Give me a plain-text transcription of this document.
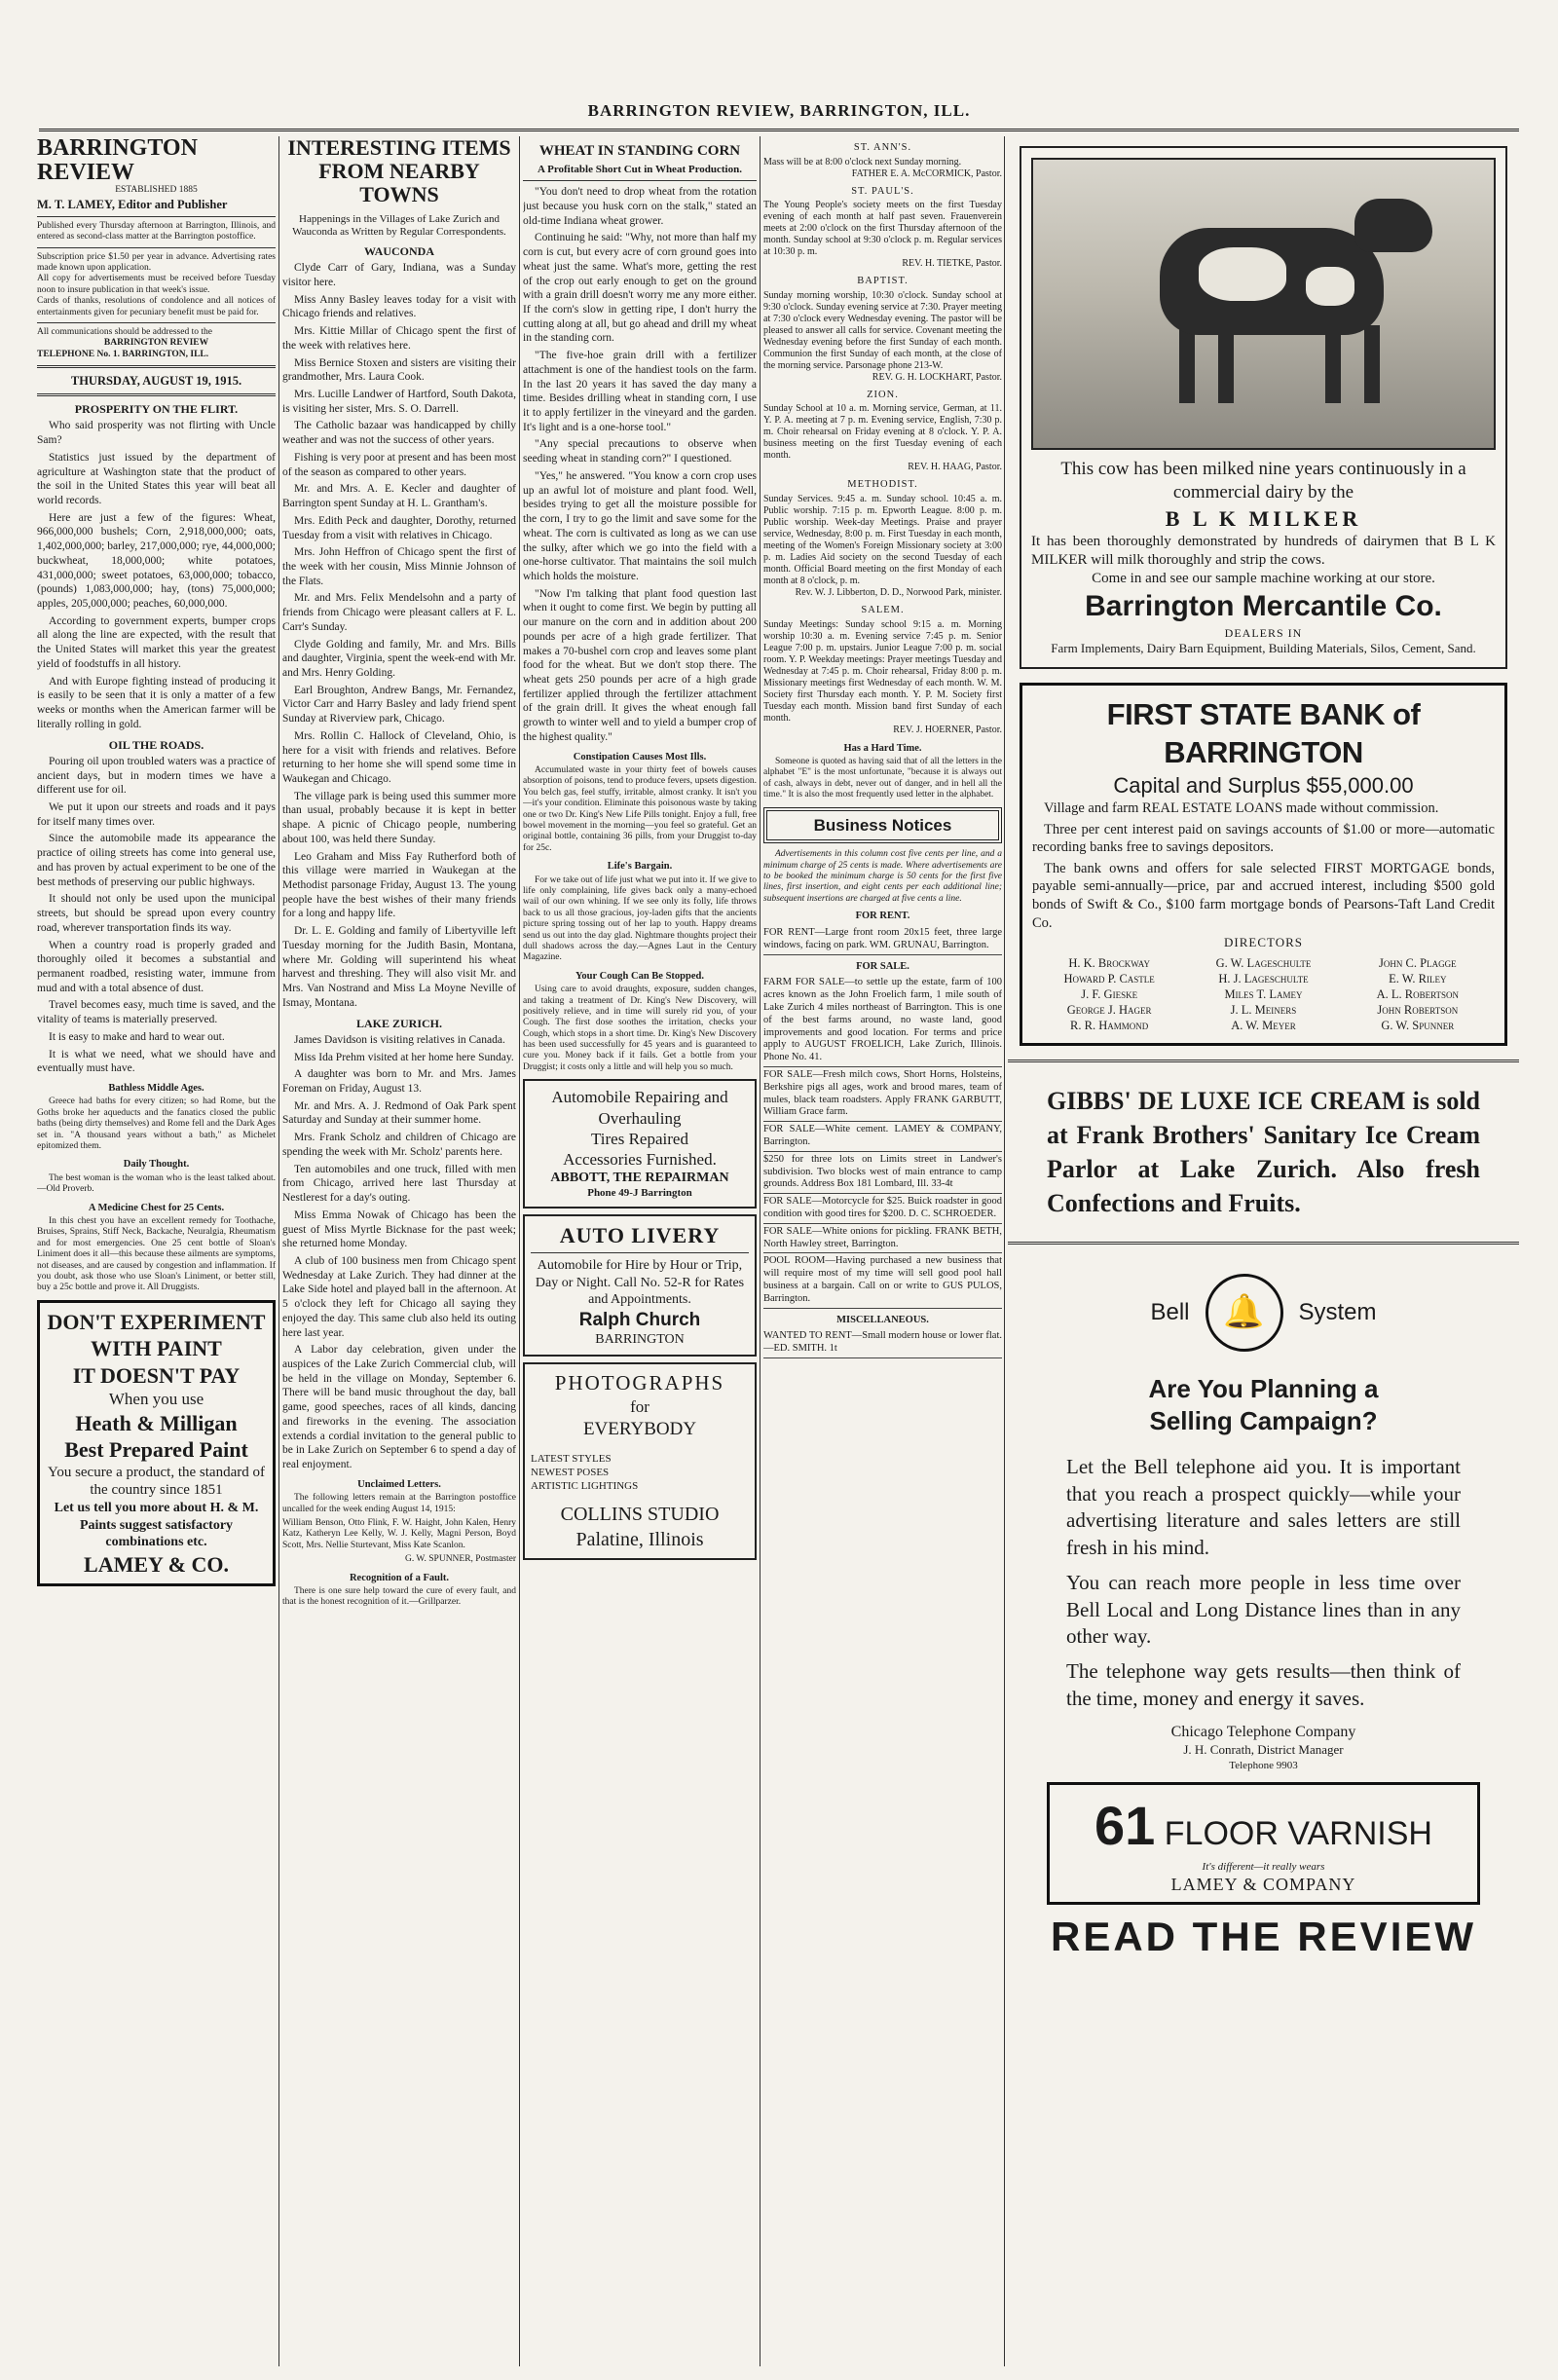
BARRINGTON REVIEW, BARRINGTON, ILL.
BARRINGTON REVIEW
ESTABLISHED 1885
M. T. LAMEY, Editor and Publisher
Published every Thursday afternoon at Barrington, Illinois, and entered as second-class matter at the Barrington postoffice.
Subscription price $1.50 per year in advance. Advertising rates made known upon application.
All copy for advertisements must be received before Tuesday noon to insure publication in that week's issue.
Cards of thanks, resolutions of condolence and all notices of entertainments given for pecuniary benefit must be paid for.
All communications should be addressed to the
BARRINGTON REVIEW
TELEPHONE No. 1. BARRINGTON, ILL.
THURSDAY, AUGUST 19, 1915.
PROSPERITY ON THE FLIRT.

Who said prosperity was not flirting with Uncle Sam?

Statistics just issued by the department of agriculture at Washington state that the product of the soil in the United States this year will beat all world records.

Here are just a few of the figures: Wheat, 966,000,000 bushels; Corn, 2,918,000,000; oats, 1,402,000,000; barley, 217,000,000; rye, 44,000,000; buckwheat, 18,000,000; white potatoes, 431,000,000; sweet potatoes, 63,000,000; tobacco, (pounds) 1,083,000,000; hay, (tons) 75,000,000; apples, 205,000,000; peaches, 60,000,000.

According to government experts, bumper crops all along the line are expected, with the result that the United States will market this year the greatest yield of foodstuffs in all history.

And with Europe fighting instead of producing it is easily to be seen that it is only a matter of a few weeks or months when the American farmer will be literally rolling in gold.

OIL THE ROADS.

Pouring oil upon troubled waters was a practice of ancient days, but in modern times we have a different use for oil.

We put it upon our streets and roads and it pays for itself many times over.

Since the automobile made its appearance the practice of oiling streets has come into general use, and has proven by actual experiment to be one of the best methods of preserving our public highways.

It should not only be used upon the municipal streets, but should be spread upon every country road, wherever transportation finds its way.

When a country road is properly graded and thoroughly oiled it becomes a substantial and permanent roadbed, resisting water, immune from mud and with a total absence of dust.

Travel becomes easy, much time is saved, and the vitality of teams is materially preserved.

It is easy to make and hard to wear out.

It is what we need, what we should have and eventually must have.

Bathless Middle Ages.

Greece had baths for every citizen; so had Rome, but the Goths broke her aqueducts and the fanatics closed the public baths (being dirty themselves) and Rome fell and the Dark Ages set in. "A thousand years without a bath," as Michelet epitomized them.

Daily Thought.

The best woman is the woman who is the least talked about.—Old Proverb.

A Medicine Chest for 25 Cents.

In this chest you have an excellent remedy for Toothache, Bruises, Sprains, Stiff Neck, Backache, Neuralgia, Rheumatism and for most emergencies. One 25 cent bottle of Sloan's Liniment does it all—this because these ailments are symptoms, not diseases, and are caused by congestion and inflammation. If you doubt, ask those who use Sloan's Liniment, or better still, buy a 25c bottle and prove it. All Druggists.

DON'T EXPERIMENT
WITH PAINT
IT DOESN'T PAY
When you use
Heath & Milligan
Best Prepared Paint
You secure a product, the standard of the country since 1851
Let us tell you more about H. & M. Paints suggest satisfactory combinations etc.
LAMEY & CO.
INTERESTING ITEMS FROM NEARBY TOWNS
Happenings in the Villages of Lake Zurich and Wauconda as Written by Regular Correspondents.
WAUCONDA

Clyde Carr of Gary, Indiana, was a Sunday visitor here.

Miss Anny Basley leaves today for a visit with Chicago friends and relatives.

Mrs. Kittie Millar of Chicago spent the first of the week with relatives here.

Miss Bernice Stoxen and sisters are visiting their grandmother, Mrs. Laura Cook.

Mrs. Lucille Landwer of Hartford, South Dakota, is visiting her sister, Mrs. S. O. Darrell.

The Catholic bazaar was handicapped by chilly weather and was not the success of other years.

Fishing is very poor at present and has been most of the season as compared to other years.

Mr. and Mrs. A. E. Kecler and daughter of Barrington spent Sunday at H. L. Grantham's.

Mrs. Edith Peck and daughter, Dorothy, returned Tuesday from a visit with relatives in Chicago.

Mrs. John Heffron of Chicago spent the first of the week with her cousin, Miss Minnie Johnson of the Flats.

Mr. and Mrs. Felix Mendelsohn and a party of friends from Chicago were pleasant callers at F. L. Carr's Sunday.

Clyde Golding and family, Mr. and Mrs. Bills and daughter, Virginia, spent the week-end with Mr. and Mrs. Henry Golding.

Earl Broughton, Andrew Bangs, Mr. Fernandez, Victor Carr and Harry Basley and lady friend spent Sunday at Riverview park, Chicago.

Mrs. Rollin C. Hallock of Cleveland, Ohio, is here for a visit with friends and relatives. Before returning to her home she will spend some time in Waukegan and Chicago.

The village park is being used this summer more than usual, probably because it is kept in better shape. A picnic of Chicago people, numbering about 100, was held there Sunday.

Leo Graham and Miss Fay Rutherford both of this village were married in Waukegan at the Methodist parsonage Friday, August 13. The young people have the best wishes of their many friends for a long and happy life.

Dr. L. E. Golding and family of Libertyville left Tuesday morning for the Judith Basin, Montana, where Mr. Golding will superintend his wheat harvest and threshing. They will also visit Mr. and Mrs. Van Nostrand and Miss La Moyne Neville of Ismay, Montana.

LAKE ZURICH.

James Davidson is visiting relatives in Canada.

Miss Ida Prehm visited at her home here Sunday.

A daughter was born to Mr. and Mrs. James Foreman on Friday, August 13.

Mr. and Mrs. A. J. Redmond of Oak Park spent Saturday and Sunday at their summer home.

Mrs. Frank Scholz and children of Chicago are spending the week with Mr. Scholz' parents here.

Ten automobiles and one truck, filled with men from Chicago, arrived here last Thursday at Nestlerest for a day's outing.

Miss Emma Nowak of Chicago has been the guest of Miss Myrtle Bicknase for the past week; she returned home Monday.

A club of 100 business men from Chicago spent Wednesday at Lake Zurich. They had dinner at the Lake Side hotel and played ball in the afternoon. At 5 o'clock they left for Chicago all saying they enjoyed the day. This same club also held its outing here last year.

A Labor day celebration, given under the auspices of the Lake Zurich Commercial club, will be held in the village on Monday, September 6. There will be band music throughout the day, ball game, good speeches, races of all kinds, dancing and fireworks in the evening. The association extends a cordial invitation to the general public to be in Lake Zurich on September 6 to spend a day of real enjoyment.

Unclaimed Letters.

The following letters remain at the Barrington postoffice uncalled for the week ending August 14, 1915:

William Benson, Otto Flink, F. W. Haight, John Kalen, Henry Katz, Katheryn Lee Kelly, W. J. Kelly, Magni Person, Boyd Scott, Mrs. Nellie Sturtevant, Miss Kate Scanlon.

G. W. SPUNNER, Postmaster
Recognition of a Fault.

There is one sure help toward the cure of every fault, and that is the honest recognition of it.—Grillparzer.

WHEAT IN STANDING CORN
A Profitable Short Cut in Wheat Production.

"You don't need to drop wheat from the rotation just because you husk corn on the stalk," stated an old-time Indiana wheat grower.

Continuing he said: "Why, not more than half my corn is cut, but every acre of corn ground goes into wheat just the same. What's more, getting the rest of the crop out early enough to get on the ground with a grain drill doesn't worry me any more either. If the corn's slow in getting ripe, I don't hurry the cutting along at all, but go ahead and drill my wheat in the standing corn.

"The five-hoe grain drill with a fertilizer attachment is one of the handiest tools on the farm. In the last 20 years it has saved the day many a time. Besides drilling wheat in standing corn, I use it to apply fertilizer in the vineyard and the garden. It's light and is a one-horse tool."

"Any special precautions to observe when seeding wheat in standing corn?" I questioned.

"Yes," he answered. "You know a corn crop uses up an awful lot of moisture and plant food. Well, besides trying to get all the moisture possible for the corn, I try to go the limit and save some for the wheat. The corn is cultivated as long as we can use the sulky, after which we go into the field with a one-horse cultivator. That maintains the soil mulch which holds the moisture.

"Now I'm talking that plant food question last when it ought to come first. We begin by putting all our manure on the corn and in addition about 200 pounds per acre of a high grade fertilizer. That makes a 70-bushel corn crop and leaves some plant food for the wheat. But we don't stop there. The wheat gets 250 pounds per acre of a high grade fertilizer applied through the fertilizer attachment of the grain drill. It gives the wheat enough fall growth to winter well and to yield a bumper crop of the highest quality."

Constipation Causes Most Ills.

Accumulated waste in your thirty feet of bowels causes absorption of poisons, tend to produce fevers, upsets digestion. You belch gas, feel stuffy, irritable, almost cranky. It isn't you—it's your condition. Eliminate this poisonous waste by taking one or two Dr. King's New Life Pills tonight. Enjoy a full, free bowel movement in the morning—you feel so grateful. Get an original bottle, containing 36 pills, from your Druggist to-day for 25c.

Life's Bargain.

For we take out of life just what we put into it. If we give to life only complaining, life gives back only a many-echoed wail of our own whining. If we see only its folly, life throws back to us all those gracious, joy-laden gifts that the ancients picture spring tossing out of her lap to youth. Happy dreams send us out into the day glad. Nightmare thoughts project their dull shadows across the day.—Agnes Laut in the Century Magazine.

Your Cough Can Be Stopped.

Using care to avoid draughts, exposure, sudden changes, and taking a treatment of Dr. King's New Discovery, will positively relieve, and in time will surely rid you, of your Cough. The first dose soothes the irritation, checks your Cough, which stops in a short time. Dr. King's New Discovery has been used successfully for 45 years and is guaranteed to cure you. Money back if it fails. Get a bottle from your Druggist; it costs only a little and will help you so much.

Automobile Repairing and Overhauling
Tires Repaired
Accessories Furnished.
ABBOTT, THE REPAIRMAN
Phone 49-J Barrington
AUTO LIVERY
Automobile for Hire by Hour or Trip, Day or Night. Call No. 52-R for Rates and Appointments.
Ralph Church
BARRINGTON
PHOTOGRAPHS
for
EVERYBODY
LATEST STYLES
NEWEST POSES
ARTISTIC LIGHTINGS
COLLINS STUDIO
Palatine, Illinois
ST. ANN'S.

Mass will be at 8:00 o'clock next Sunday morning.

FATHER E. A. McCORMICK, Pastor.

ST. PAUL'S.

The Young People's society meets on the first Tuesday evening of each month at half past seven. Frauenverein meets at 2:00 o'clock on the first Thursday afternoon of the month. Sunday school at 9:30 o'clock p. m. Regular services at 10:30 p. m.

REV. H. TIETKE, Pastor.

BAPTIST.

Sunday morning worship, 10:30 o'clock. Sunday school at 9:30 o'clock. Sunday evening service at 7:30. Prayer meeting at 7:30 o'clock every Wednesday evening. The pastor will be pleased to answer all calls for service. Covenant meeting the Wednesday evening before the first Sunday of each month. Communion the first Sunday of each month, at the close of the morning service. Parsonage phone 213-W.

REV. G. H. LOCKHART, Pastor.

ZION.

Sunday School at 10 a. m. Morning service, German, at 11. Y. P. A. meeting at 7 p. m. Evening service, English, 7:30 p. m. Choir rehearsal on Friday evening at 8 o'clock. Y. P. A. business meeting on the first Tuesday evening of each month.

REV. H. HAAG, Pastor.

METHODIST.

Sunday Services. 9:45 a. m. Sunday school. 10:45 a. m. Public worship. 7:15 p. m. Epworth League. 8:00 p. m. Public worship. Week-day Meetings. Praise and prayer service, Wednesday, 8:00 p. m. First Tuesday in each month, meeting of the Women's Foreign Missionary society at 3:00 p. m. Ladies Aid society on the second Tuesday of each month. Official Board meeting on the first Monday of each month at 8 o'clock, p. m.

Rev. W. J. Libberton, D. D., Norwood Park, minister.

SALEM.

Sunday Meetings: Sunday school 9:15 a. m. Morning worship 10:30 a. m. Evening service 7:45 p. m. Senior League 7:00 p. m. upstairs. Junior League 7:00 p. m. social room. Y. P. Weekday meetings: Prayer meetings Tuesday and Wednesday at 7:45 p. m. Choir rehearsal, Friday 8:00 p. m. Missionary meetings first Wednesday of each month. W. M. Society first Thursday each month. Y. P. M. Society first Tuesday each month. Mission band first Sunday of each month.

REV. J. HOERNER, Pastor.

Has a Hard Time.

Someone is quoted as having said that of all the letters in the alphabet "E" is the most unfortunate, "because it is always out of cash, always in debt, never out of danger, and in hell all the time." It is also the most frequently used letter in the alphabet.

Business Notices

Advertisements in this column cost five cents per line, and a minimum charge of 25 cents is made. Where advertisements are to be booked the minimum charge is 50 cents for the first five lines, first insertion, and eight cents per each additional line; subsequent insertions are charged at five cents a line.

FOR RENT.

FOR RENT—Large front room 20x15 feet, three large windows, facing on park. WM. GRUNAU, Barrington.

FOR SALE.

FARM FOR SALE—to settle up the estate, farm of 100 acres known as the John Froelich farm, 1 mile south of Lake Zurich 4 miles northeast of Barrington. This is one of the best farms around, no waste land, good improvements and good location. For terms and price apply to AUGUST FROELICH, Lake Zurich, Illinois. Phone No. 41.

FOR SALE—Fresh milch cows, Short Horns, Holsteins, Berkshire pigs all ages, work and brood mares, team of mules, black team roadsters. Apply FRANK GARBUTT, William Grace farm.

FOR SALE—White cement. LAMEY & COMPANY, Barrington.

$250 for three lots on Limits street in Landwer's subdivision. Two blocks west of main entrance to camp grounds. Address Box 181 Lombard, Ill. 33-4t

FOR SALE—Motorcycle for $25. Buick roadster in good condition with good tires for $200. D. C. SCHROEDER.

FOR SALE—White onions for pickling. FRANK BETH, North Hawley street, Barrington.

POOL ROOM—Having purchased a new business that will require most of my time will sell good pool hall business at a bargain. Call on or write to GUS PULOS, Barrington.

MISCELLANEOUS.

WANTED TO RENT—Small modern house or lower flat.—ED. SMITH. 1t

This cow has been milked nine years continuously in a commercial dairy by the
B L K MILKER
It has been thoroughly demonstrated by hundreds of dairymen that B L K MILKER will milk thoroughly and strip the cows.
Come in and see our sample machine working at our store.
Barrington Mercantile Co.
DEALERS IN
Farm Implements, Dairy Barn Equipment, Building Materials, Silos, Cement, Sand.
FIRST STATE BANK of BARRINGTON
Capital and Surplus $55,000.00

Village and farm REAL ESTATE LOANS made without commission.

Three per cent interest paid on savings accounts of $1.00 or more—automatic recording banks free to savings depositors.

The bank owns and offers for sale selected FIRST MORTGAGE bonds, payable semi-annually—price, par and accrued interest, including $500 gold bonds of Swift & Co., $100 farm mortgage bonds of Pearsons-Taft Land Credit Co.

DIRECTORS
H. K. Brockway	G. W. Lageschulte	John C. Plagge
Howard P. Castle	H. J. Lageschulte	E. W. Riley
J. F. Gieske	Miles T. Lamey	A. L. Robertson
George J. Hager	J. L. Meiners	John Robertson
R. R. Hammond	A. W. Meyer	G. W. Spunner
GIBBS' DE LUXE ICE CREAM is sold at Frank Brothers' Sanitary Ice Cream Parlor at Lake Zurich. Also fresh Confections and Fruits.
Bell	🔔	System
Are You Planning a Selling Campaign?

Let the Bell telephone aid you. It is important that you reach a prospect quickly—while your advertising literature and sales letters are still fresh in his mind.

You can reach more people in less time over Bell Local and Long Distance lines than in any other way.

The telephone way gets results—then think of the time, money and energy it saves.

Chicago Telephone Company
J. H. Conrath, District Manager
Telephone 9903
61 FLOOR VARNISH
It's different—it really wears
LAMEY & COMPANY
READ THE REVIEW
